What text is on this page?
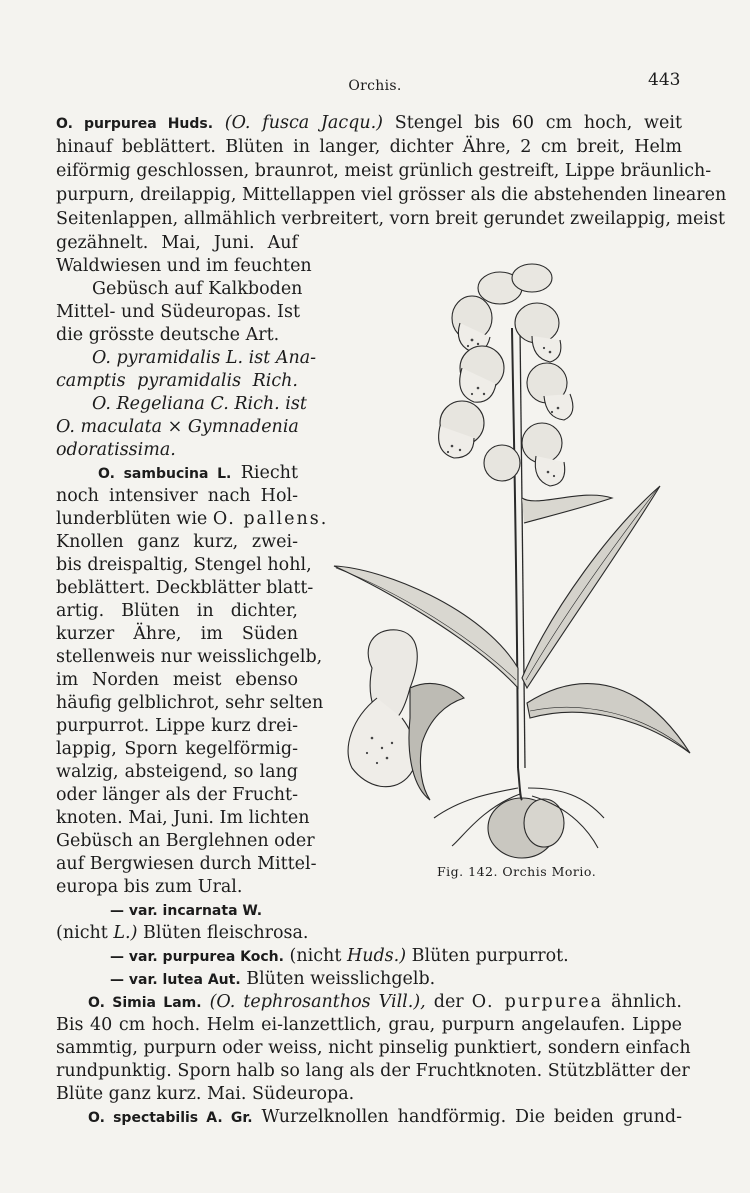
Orchis.	443
O. purpurea Huds. (O. fusca Jacqu.) Stengel bis 60 cm hoch, weit
hinauf beblättert. Blüten in langer, dichter Ähre, 2 cm breit, Helm
eiförmig geschlossen, braunrot, meist grünlich gestreift, Lippe bräunlich-
purpurn, dreilappig, Mittellappen viel grösser als die abstehenden linearen
Seitenlappen, allmählich verbreitert, vorn breit gerundet zweilappig, meist
gezähnelt. Mai, Juni. Auf
Waldwiesen und im feuchten
Gebüsch auf Kalkboden
Mittel- und Südeuropas. Ist
die grösste deutsche Art.
O. pyramidalis L. ist Ana-
camptis pyramidalis Rich.
O. Regeliana C. Rich. ist
O. maculata × Gymnadenia
odoratissima.
O. sambucina L. Riecht
noch intensiver nach Hol-
lunderblüten wie O. pallens.
Knollen ganz kurz, zwei-
bis dreispaltig, Stengel hohl,
beblättert. Deckblätter blatt-
artig. Blüten in dichter,
kurzer Ähre, im Süden
stellenweis nur weisslichgelb,
im Norden meist ebenso
häufig gelblichrot, sehr selten
purpurrot. Lippe kurz drei-
lappig, Sporn kegelförmig-
walzig, absteigend, so lang
oder länger als der Frucht-
knoten. Mai, Juni. Im lichten
Gebüsch an Berglehnen oder
auf Bergwiesen durch Mittel-
europa bis zum Ural.
— var. incarnata W.
(nicht L.) Blüten fleischrosa.
— var. purpurea Koch. (nicht Huds.) Blüten purpurrot.
— var. lutea Aut. Blüten weisslichgelb.
O. Simia Lam. (O. tephrosanthos Vill.), der O. purpurea ähnlich.
Bis 40 cm hoch. Helm ei-lanzettlich, grau, purpurn angelaufen. Lippe
sammtig, purpurn oder weiss, nicht pinselig punktiert, sondern einfach
rundpunktig. Sporn halb so lang als der Fruchtknoten. Stützblätter der
Blüte ganz kurz. Mai. Südeuropa.
O. spectabilis A. Gr. Wurzelknollen handförmig. Die beiden grund-
Fig. 142. Orchis Morio.
